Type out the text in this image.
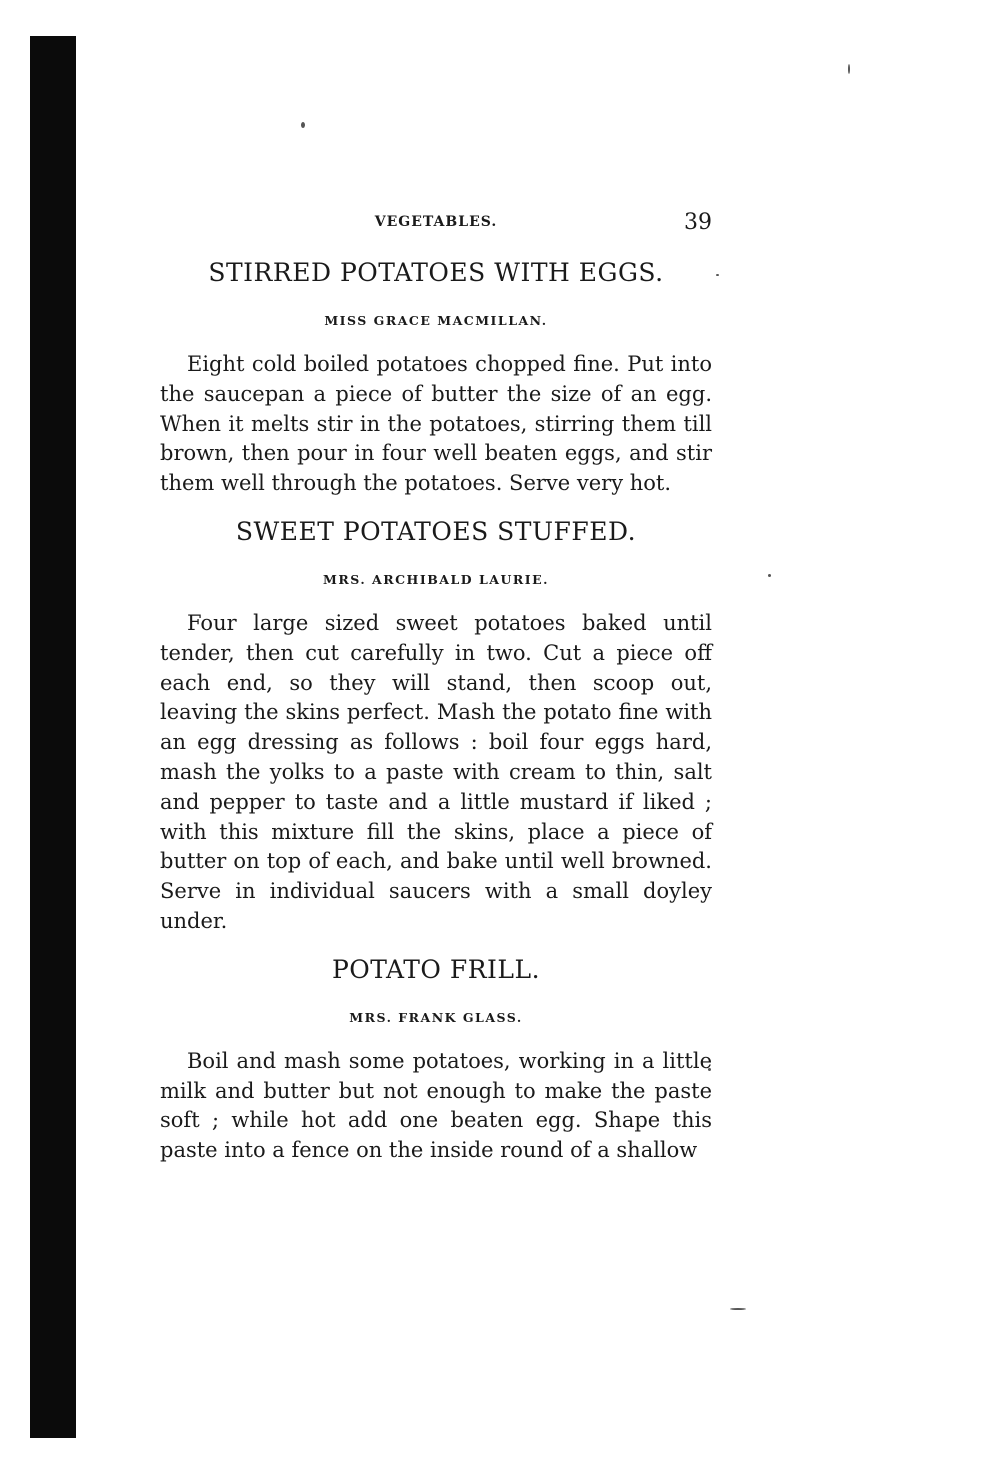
VEGETABLES.	39
STIRRED POTATOES WITH EGGS.
MISS GRACE MACMILLAN.

Eight cold boiled potatoes chopped fine. Put into the saucepan a piece of butter the size of an egg. When it melts stir in the potatoes, stirring them till brown, then pour in four well beaten eggs, and stir them well through the potatoes. Serve very hot.

SWEET POTATOES STUFFED.
MRS. ARCHIBALD LAURIE.

Four large sized sweet potatoes baked until tender, then cut carefully in two. Cut a piece off each end, so they will stand, then scoop out, leaving the skins perfect. Mash the potato fine with an egg dressing as follows : boil four eggs hard, mash the yolks to a paste with cream to thin, salt and pepper to taste and a little mustard if liked ; with this mixture fill the skins, place a piece of butter on top of each, and bake until well browned. Serve in individual saucers with a small doyley under.

POTATO FRILL.
MRS. FRANK GLASS.

Boil and mash some potatoes, working in a little milk and butter but not enough to make the paste soft ; while hot add one beaten egg. Shape this paste into a fence on the inside round of a shallow
